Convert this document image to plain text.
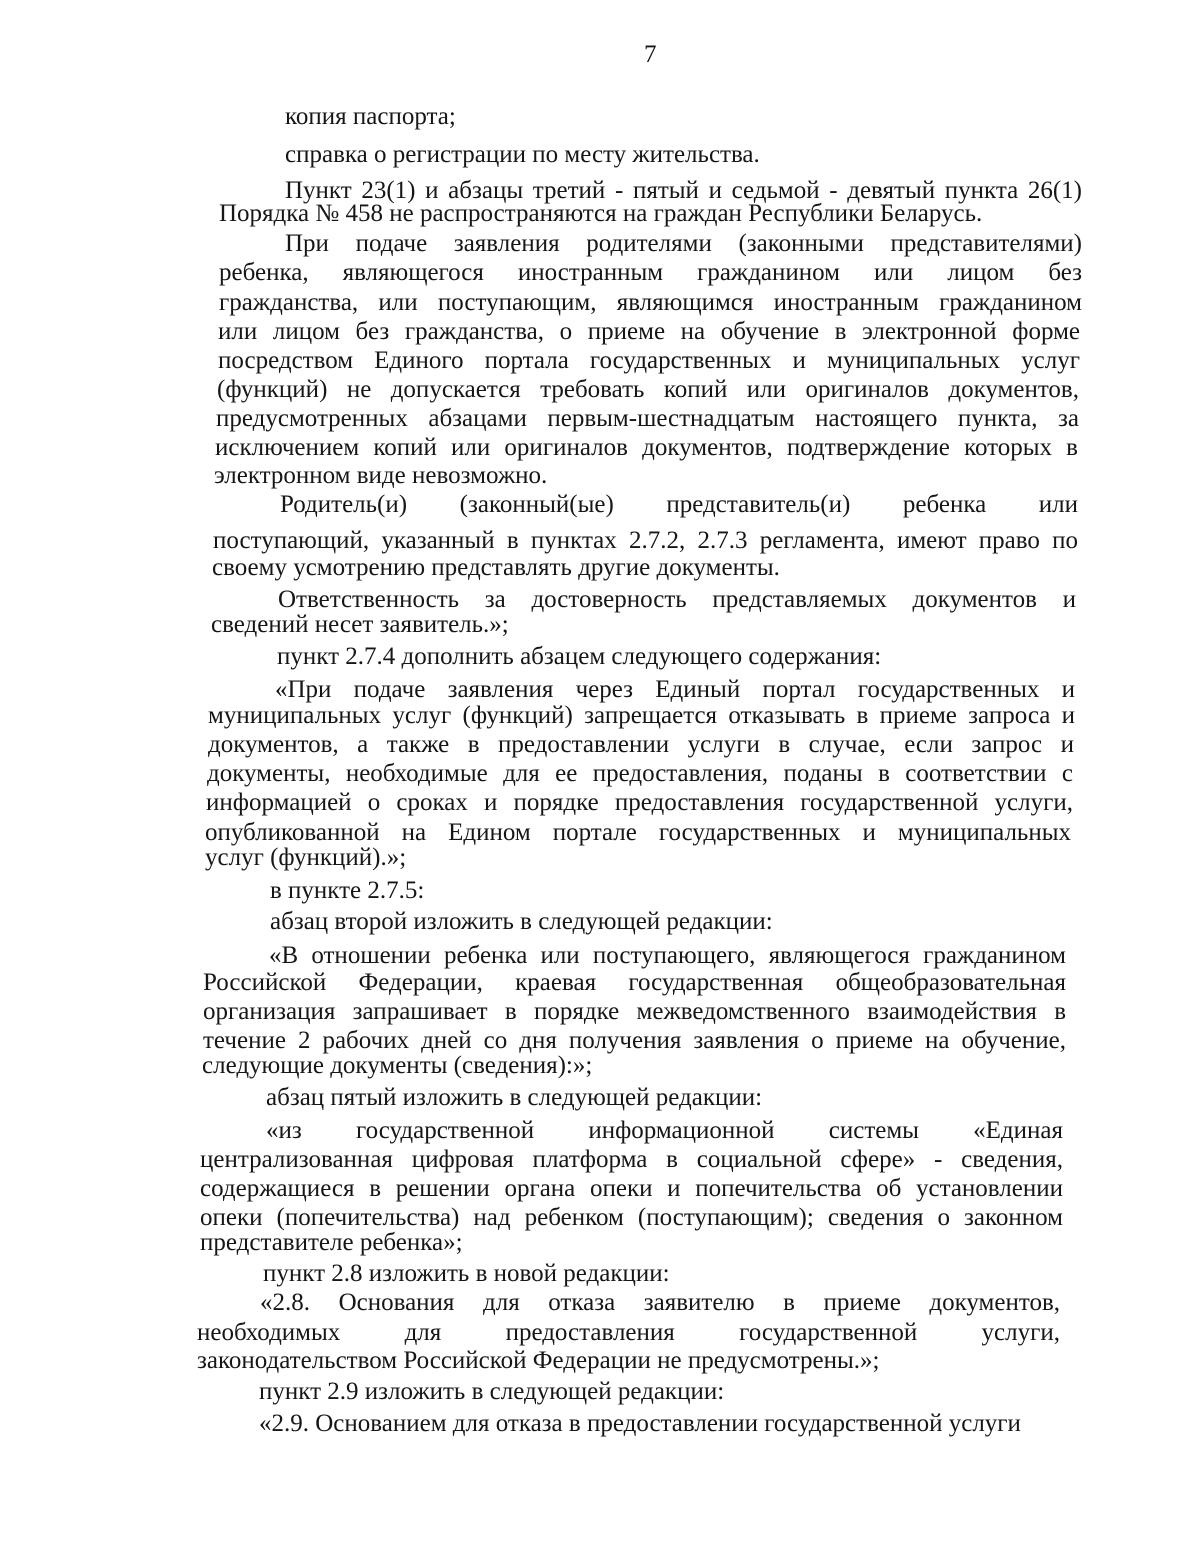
7
копия паспорта;
справка о регистрации по месту жительства.
Пункт 23(1) и абзацы третий - пятый и седьмой - девятый пункта 26(1)
Порядка № 458 не распространяются на граждан Республики Беларусь.
При подаче заявления родителями (законными представителями)
ребенка, являющегося иностранным гражданином или лицом без
гражданства, или поступающим, являющимся иностранным гражданином
или лицом без гражданства, о приеме на обучение в электронной форме
посредством Единого портала государственных и муниципальных услуг
(функций) не допускается требовать копий или оригиналов документов,
предусмотренных абзацами первым-шестнадцатым настоящего пункта, за
исключением копий или оригиналов документов, подтверждение которых в
электронном виде невозможно.
Родитель(и) (законный(ые) представитель(и) ребенка или
поступающий, указанный в пунктах 2.7.2, 2.7.3 регламента, имеют право по
своему усмотрению представлять другие документы.
Ответственность за достоверность представляемых документов и
сведений несет заявитель.»;
пункт 2.7.4 дополнить абзацем следующего содержания:
«При подаче заявления через Единый портал государственных и
муниципальных услуг (функций) запрещается отказывать в приеме запроса и
документов, а также в предоставлении услуги в случае, если запрос и
документы, необходимые для ее предоставления, поданы в соответствии с
информацией о сроках и порядке предоставления государственной услуги,
опубликованной на Едином портале государственных и муниципальных
услуг (функций).»;
в пункте 2.7.5:
абзац второй изложить в следующей редакции:
«В отношении ребенка или поступающего, являющегося гражданином
Российской Федерации, краевая государственная общеобразовательная
организация запрашивает в порядке межведомственного взаимодействия в
течение 2 рабочих дней со дня получения заявления о приеме на обучение,
следующие документы (сведения):»;
абзац пятый изложить в следующей редакции:
«из государственной информационной системы «Единая
централизованная цифровая платформа в социальной сфере» - сведения,
содержащиеся в решении органа опеки и попечительства об установлении
опеки (попечительства) над ребенком (поступающим); сведения о законном
представителе ребенка»;
пункт 2.8 изложить в новой редакции:
«2.8. Основания для отказа заявителю в приеме документов,
необходимых для предоставления государственной услуги,
законодательством Российской Федерации не предусмотрены.»;
пункт 2.9 изложить в следующей редакции:
«2.9. Основанием для отказа в предоставлении государственной услуги
